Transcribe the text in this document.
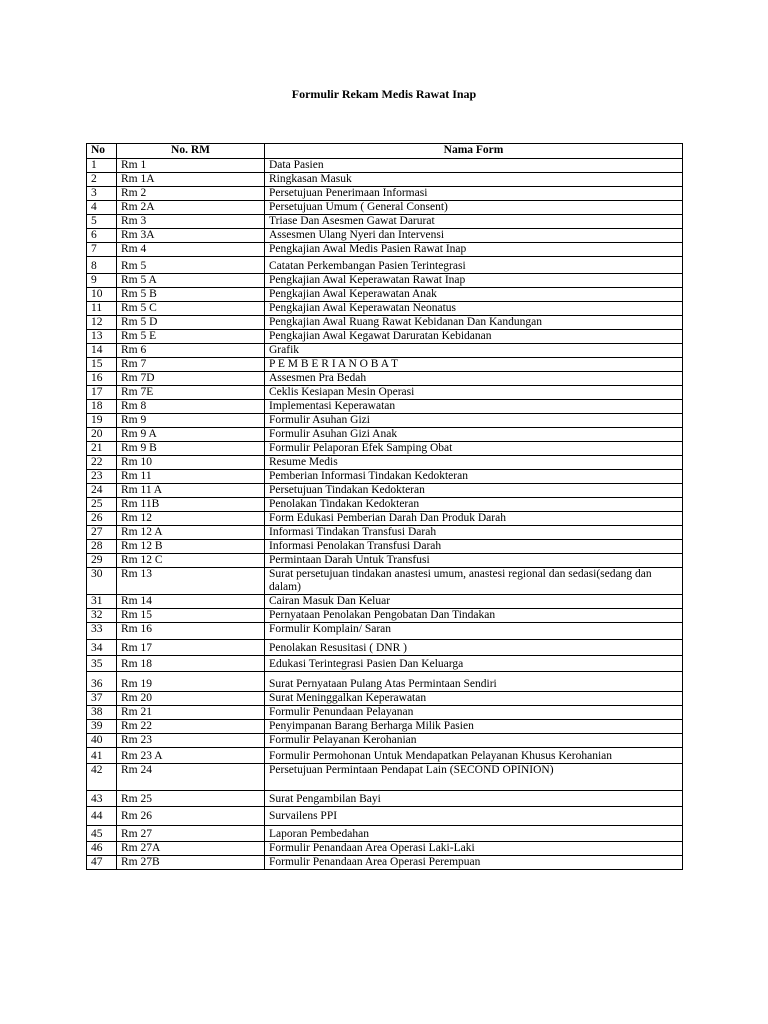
Formulir Rekam Medis Rawat Inap
No	No. RM	Nama Form
1	Rm 1	Data Pasien
2	Rm 1A	Ringkasan Masuk
3	Rm 2	Persetujuan Penerimaan Informasi
4	Rm 2A	Persetujuan Umum ( General Consent)
5	Rm 3	Triase Dan Asesmen Gawat Darurat
6	Rm 3A	Assesmen Ulang Nyeri dan Intervensi
7	Rm 4	Pengkajian Awal Medis Pasien Rawat Inap
8	Rm 5	Catatan Perkembangan Pasien Terintegrasi
9	Rm 5 A	Pengkajian Awal Keperawatan Rawat Inap
10	Rm 5 B	Pengkajian Awal Keperawatan Anak
11	Rm 5 C	Pengkajian Awal Keperawatan Neonatus
12	Rm 5 D	Pengkajian Awal Ruang Rawat Kebidanan Dan Kandungan
13	Rm 5 E	Pengkajian Awal Kegawat Daruratan Kebidanan
14	Rm 6	Grafik
15	Rm 7	P E M B E R I A N O B A T
16	Rm 7D	Assesmen Pra Bedah
17	Rm 7E	Ceklis Kesiapan Mesin Operasi
18	Rm 8	Implementasi Keperawatan
19	Rm 9	Formulir Asuhan Gizi
20	Rm 9 A	Formulir Asuhan Gizi Anak
21	Rm 9 B	Formulir Pelaporan Efek Samping Obat
22	Rm 10	Resume Medis
23	Rm 11	Pemberian Informasi Tindakan Kedokteran
24	Rm 11 A	Persetujuan Tindakan Kedokteran
25	Rm 11B	Penolakan Tindakan Kedokteran
26	Rm 12	Form Edukasi Pemberian Darah Dan Produk Darah
27	Rm 12 A	Informasi Tindakan Transfusi Darah
28	Rm 12 B	Informasi Penolakan Transfusi Darah
29	Rm 12 C	Permintaan Darah Untuk Transfusi
30	Rm 13	Surat persetujuan tindakan anastesi umum, anastesi regional dan sedasi(sedang dan dalam)
31	Rm 14	Cairan Masuk Dan Keluar
32	Rm 15	Pernyataan Penolakan Pengobatan Dan Tindakan
33	Rm 16	Formulir Komplain/ Saran
34	Rm 17	Penolakan Resusitasi ( DNR )
35	Rm 18	Edukasi Terintegrasi Pasien Dan Keluarga
36	Rm 19	Surat Pernyataan Pulang Atas Permintaan Sendiri
37	Rm 20	Surat Meninggalkan Keperawatan
38	Rm 21	Formulir Penundaan Pelayanan
39	Rm 22	Penyimpanan Barang Berharga Milik Pasien
40	Rm 23	Formulir Pelayanan Kerohanian
41	Rm 23 A	Formulir Permohonan Untuk Mendapatkan Pelayanan Khusus Kerohanian
42	Rm 24	Persetujuan Permintaan Pendapat Lain (SECOND OPINION)
43	Rm 25	Surat Pengambilan Bayi
44	Rm 26	Survailens PPI
45	Rm 27	Laporan Pembedahan
46	Rm 27A	Formulir Penandaan Area Operasi Laki-Laki
47	Rm 27B	Formulir Penandaan Area Operasi Perempuan
